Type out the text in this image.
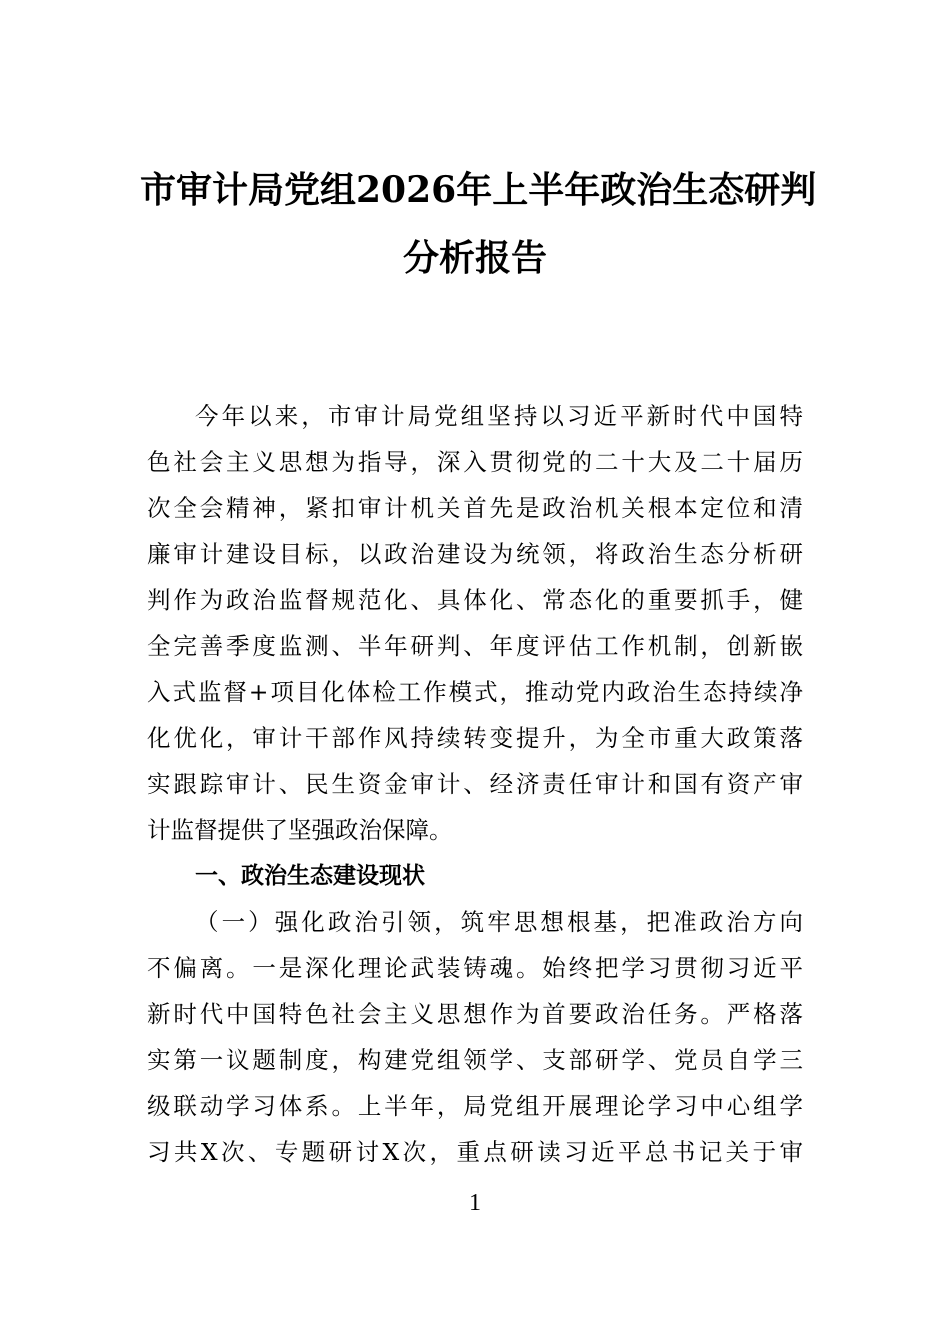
市审计局党组2026年上半年政治生态研判
分析报告
今年以来，市审计局党组坚持以习近平新时代中国特
色社会主义思想为指导，深入贯彻党的二十大及二十届历
次全会精神，紧扣审计机关首先是政治机关根本定位和清
廉审计建设目标，以政治建设为统领，将政治生态分析研
判作为政治监督规范化、具体化、常态化的重要抓手，健
全完善季度监测、半年研判、年度评估工作机制，创新嵌
入式监督+项目化体检工作模式，推动党内政治生态持续净
化优化，审计干部作风持续转变提升，为全市重大政策落
实跟踪审计、民生资金审计、经济责任审计和国有资产审
计监督提供了坚强政治保障。
一、政治生态建设现状
（一）强化政治引领，筑牢思想根基，把准政治方向
不偏离。一是深化理论武装铸魂。始终把学习贯彻习近平
新时代中国特色社会主义思想作为首要政治任务。严格落
实第一议题制度，构建党组领学、支部研学、党员自学三
级联动学习体系。上半年，局党组开展理论学习中心组学
习共X次、专题研讨X次，重点研读习近平总书记关于审
1
